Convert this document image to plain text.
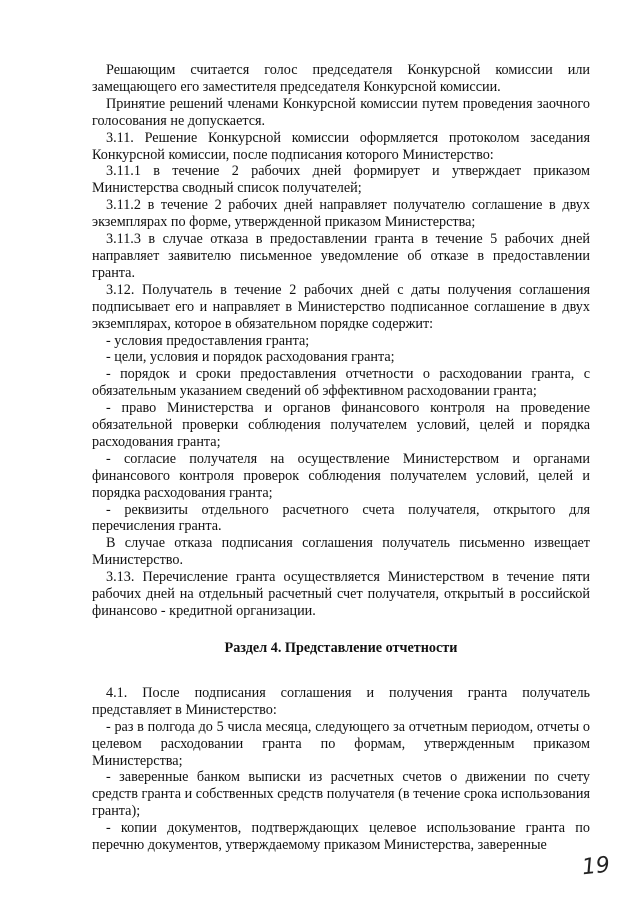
Решающим считается голос председателя Конкурсной комиссии или замещающего его заместителя председателя Конкурсной комиссии.

Принятие решений членами Конкурсной комиссии путем проведения заочного голосования не допускается.

3.11. Решение Конкурсной комиссии оформляется протоколом заседания Конкурсной комиссии, после подписания которого Министерство:

3.11.1 в течение 2 рабочих дней формирует и утверждает приказом Министерства сводный список получателей;

3.11.2 в течение 2 рабочих дней направляет получателю соглашение в двух экземплярах по форме, утвержденной приказом Министерства;

3.11.3 в случае отказа в предоставлении гранта в течение 5 рабочих дней направляет заявителю письменное уведомление об отказе в предоставлении гранта.

3.12. Получатель в течение 2 рабочих дней с даты получения соглашения подписывает его и направляет в Министерство подписанное соглашение в двух экземплярах, которое в обязательном порядке содержит:

- условия предоставления гранта;

- цели, условия и порядок расходования гранта;

- порядок и сроки предоставления отчетности о расходовании гранта, с обязательным указанием сведений об эффективном расходовании гранта;

- право Министерства и органов финансового контроля на проведение обязательной проверки соблюдения получателем условий, целей и порядка расходования гранта;

- согласие получателя на осуществление Министерством и органами финансового контроля проверок соблюдения получателем условий, целей и порядка расходования гранта;

- реквизиты отдельного расчетного счета получателя, открытого для перечисления гранта.

В случае отказа подписания соглашения получатель письменно извещает Министерство.

3.13. Перечисление гранта осуществляется Министерством в течение пяти рабочих дней на отдельный расчетный счет получателя, открытый в российской финансово - кредитной организации.

Раздел 4. Представление отчетности

4.1. После подписания соглашения и получения гранта получатель представляет в Министерство:

- раз в полгода до 5 числа месяца, следующего за отчетным периодом, отчеты о целевом расходовании гранта по формам, утвержденным приказом Министерства;

- заверенные банком выписки из расчетных счетов о движении по счету средств гранта и собственных средств получателя (в течение срока использования гранта);

- копии документов, подтверждающих целевое использование гранта по перечню документов, утверждаемому приказом Министерства, заверенные

19
